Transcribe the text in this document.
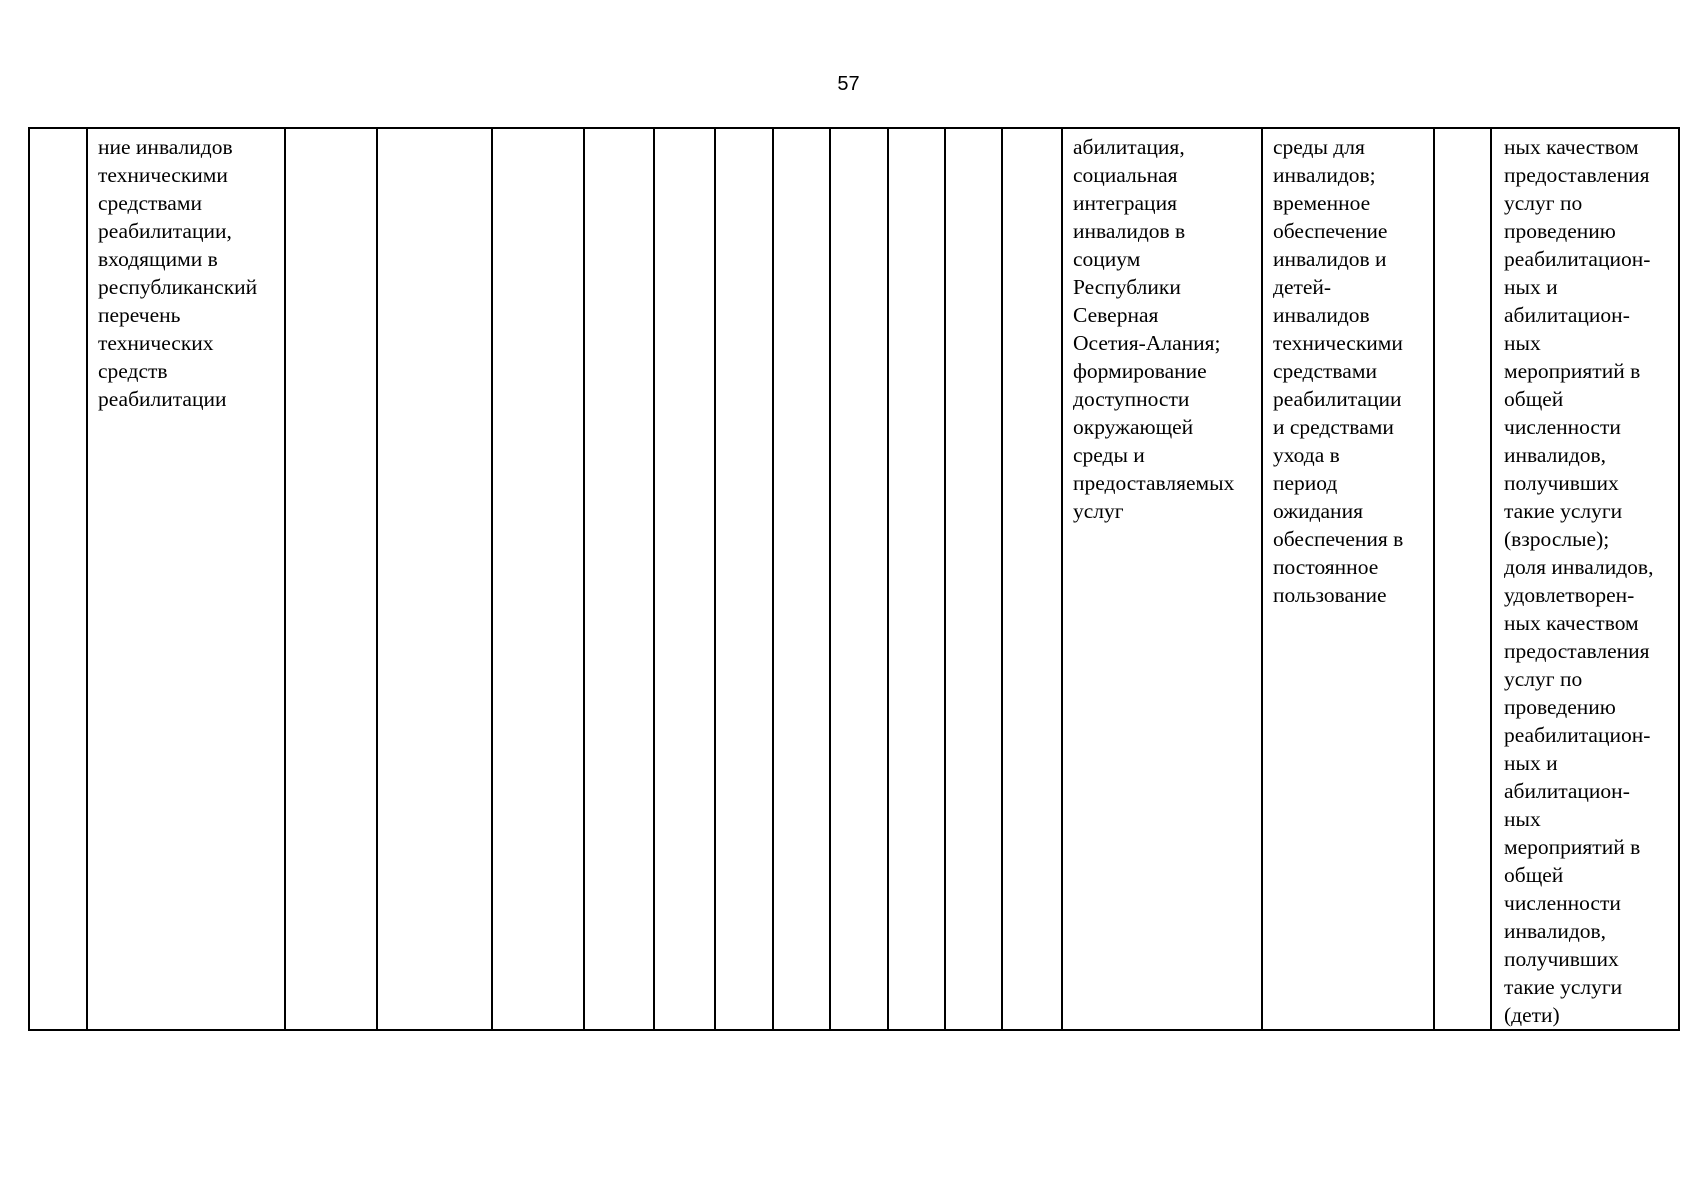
57
	ние инвалидов
техническими
средствами
реабилитации,
входящими в
республиканский
перечень
технических
средств
реабилитации												абилитация,
социальная
интеграция
инвалидов в
социум
Республики
Северная
Осетия-Алания;
формирование
доступности
окружающей
среды и
предоставляемых
услуг	среды для
инвалидов;
временное
обеспечение
инвалидов и
детей-
инвалидов
техническими
средствами
реабилитации
и средствами
ухода в
период
ожидания
обеспечения в
постоянное
пользование		ных качеством
предоставления
услуг по
проведению
реабилитацион-
ных и
абилитацион-
ных
мероприятий в
общей
численности
инвалидов,
получивших
такие услуги
(взрослые);
доля инвалидов,
удовлетворен-
ных качеством
предоставления
услуг по
проведению
реабилитацион-
ных и
абилитацион-
ных
мероприятий в
общей
численности
инвалидов,
получивших
такие услуги
(дети)
